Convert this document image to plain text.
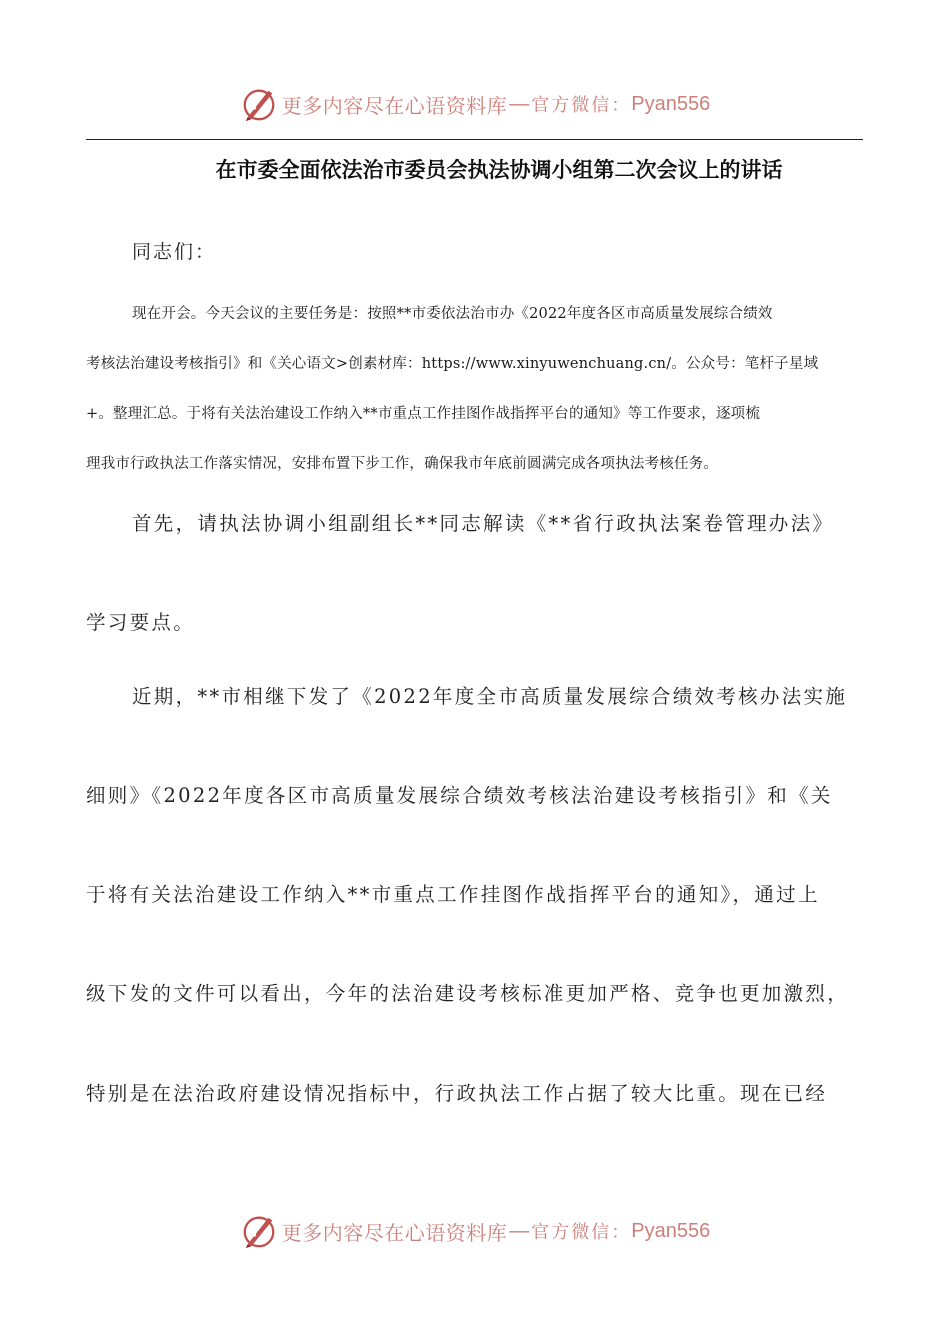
更多内容尽在心语资料库 — 官方微信： Pyan556
在市委全面依法治市委员会执法协调小组第二次会议上的讲话
同志们：
现在开会。今天会议的主要任务是：按照**市委依法治市办《2022年度各区市高质量发展综合绩效
考核法治建设考核指引》和《关心语文>创素材库：https://www.xinyuwenchuang.cn/。公众号：笔杆子星域
+。整理汇总。于将有关法治建设工作纳入**市重点工作挂图作战指挥平台的通知》等工作要求，逐项梳
理我市行政执法工作落实情况，安排布置下步工作，确保我市年底前圆满完成各项执法考核任务。
首先，请执法协调小组副组长**同志解读《**省行政执法案卷管理办法》
学习要点。
近期，**市相继下发了《2022年度全市高质量发展综合绩效考核办法实施
细则》《2022年度各区市高质量发展综合绩效考核法治建设考核指引》和《关
于将有关法治建设工作纳入**市重点工作挂图作战指挥平台的通知》，通过上
级下发的文件可以看出，今年的法治建设考核标准更加严格、竞争也更加激烈，
特别是在法治政府建设情况指标中，行政执法工作占据了较大比重。现在已经
更多内容尽在心语资料库 — 官方微信： Pyan556
